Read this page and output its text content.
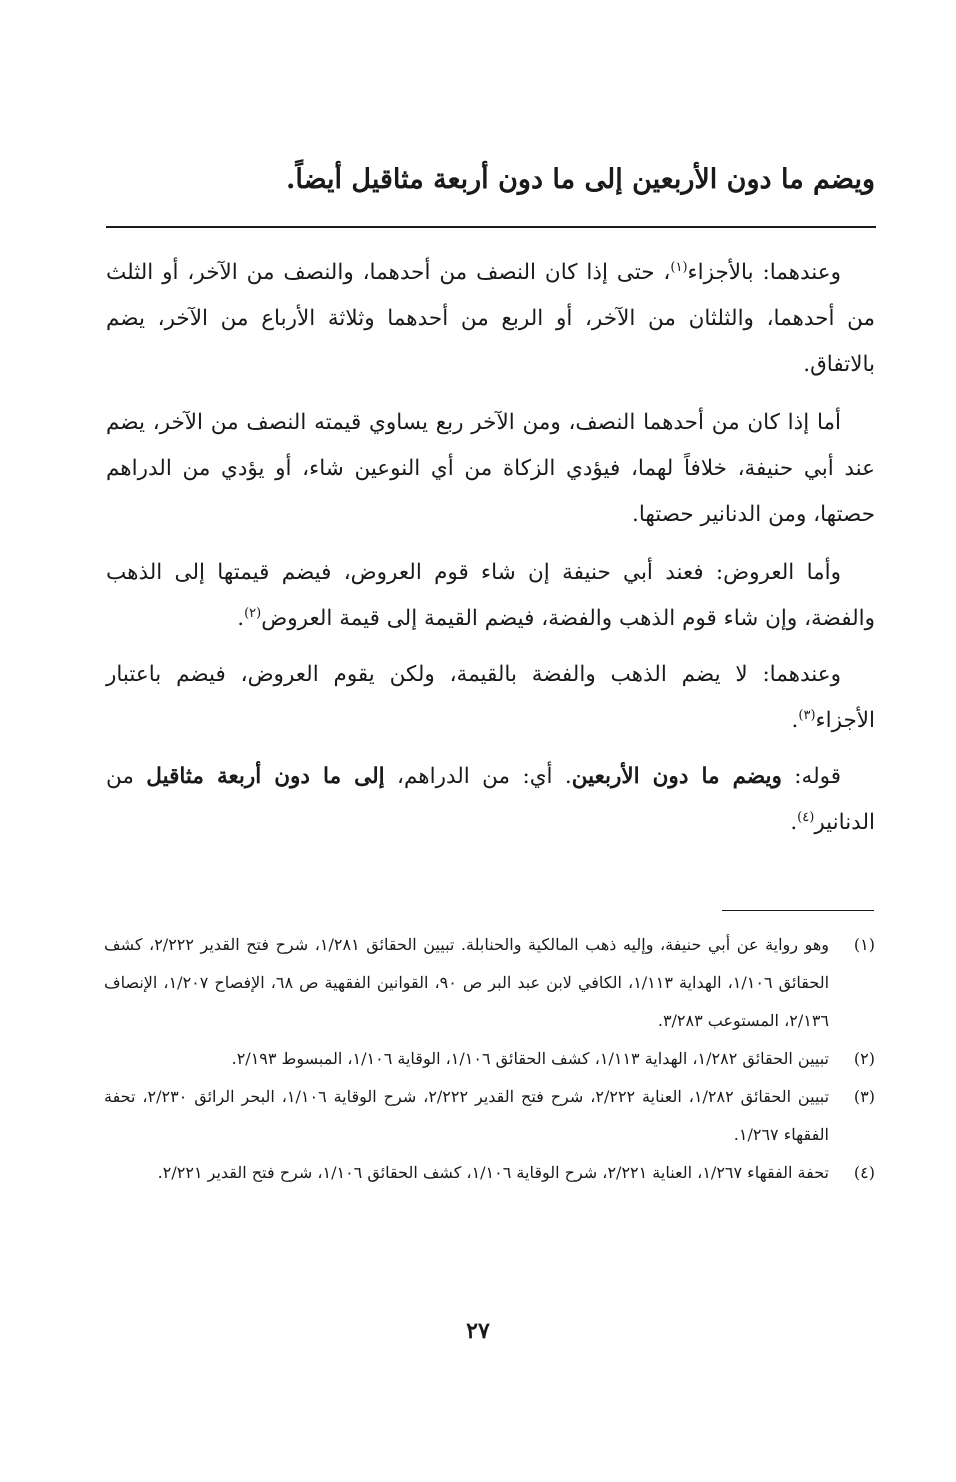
ويضم ما دون الأربعين إلى ما دون أربعة مثاقيل أيضاً.

وعندهما: بالأجزاء$^{(١)}$، حتى إذا كان النصف من أحدهما، والنصف من الآخر، أو الثلث من أحدهما، والثلثان من الآخر، أو الربع من أحدهما وثلاثة الأرباع من الآخر، يضم بالاتفاق.

أما إذا كان من أحدهما النصف، ومن الآخر ربع يساوي قيمته النصف من الآخر، يضم عند أبي حنيفة، خلافاً لهما، فيؤدي الزكاة من أي النوعين شاء، أو يؤدي من الدراهم حصتها، ومن الدنانير حصتها.

وأما العروض: فعند أبي حنيفة إن شاء قوم العروض، فيضم قيمتها إلى الذهب والفضة، وإن شاء قوم الذهب والفضة، فيضم القيمة إلى قيمة العروض$^{(٢)}$.

وعندهما: لا يضم الذهب والفضة بالقيمة، ولكن يقوم العروض، فيضم باعتبار الأجزاء$^{(٣)}$.

قوله: ويضم ما دون الأربعين. أي: من الدراهم، إلى ما دون أربعة مثاقيل من الدنانير$^{(٤)}$.

(١)
وهو رواية عن أبي حنيفة، وإليه ذهب المالكية والحنابلة. تبيين الحقائق ١/٢٨١، شرح فتح القدير ٢/٢٢٢، كشف الحقائق ١/١٠٦، الهداية ١/١١٣، الكافي لابن عبد البر ص ٩٠، القوانين الفقهية ص ٦٨، الإفصاح ١/٢٠٧، الإنصاف ٢/١٣٦، المستوعب ٣/٢٨٣.
(٢)
تبيين الحقائق ١/٢٨٢، الهداية ١/١١٣، كشف الحقائق ١/١٠٦، الوقاية ١/١٠٦، المبسوط ٢/١٩٣.
(٣)
تبيين الحقائق ١/٢٨٢، العناية ٢/٢٢٢، شرح فتح القدير ٢/٢٢٢، شرح الوقاية ١/١٠٦، البحر الرائق ٢/٢٣٠، تحفة الفقهاء ١/٢٦٧.
(٤)
تحفة الفقهاء ١/٢٦٧، العناية ٢/٢٢١، شرح الوقاية ١/١٠٦، كشف الحقائق ١/١٠٦، شرح فتح القدير ٢/٢٢١.
٢٧
